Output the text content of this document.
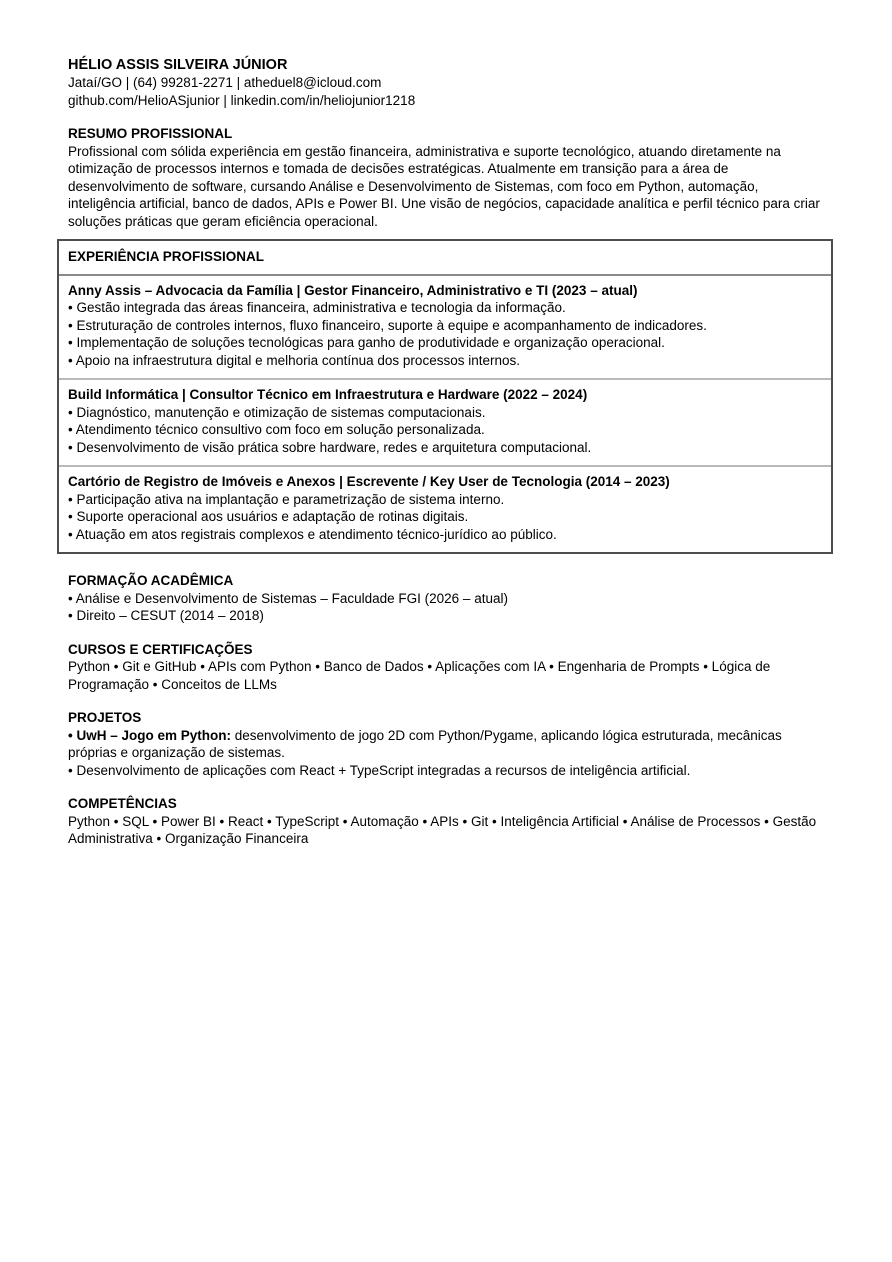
HÉLIO ASSIS SILVEIRA JÚNIOR
Jataí/GO | (64) 99281-2271 | atheduel8@icloud.com
github.com/HelioASjunior | linkedin.com/in/heliojunior1218
RESUMO PROFISSIONAL

Profissional com sólida experiência em gestão financeira, administrativa e suporte tecnológico, atuando diretamente na otimização de processos internos e tomada de decisões estratégicas. Atualmente em transição para a área de desenvolvimento de software, cursando Análise e Desenvolvimento de Sistemas, com foco em Python, automação, inteligência artificial, banco de dados, APIs e Power BI. Une visão de negócios, capacidade analítica e perfil técnico para criar soluções práticas que geram eficiência operacional.

EXPERIÊNCIA PROFISSIONAL
Anny Assis – Advocacia da Família | Gestor Financeiro, Administrativo e TI (2023 – atual)
• Gestão integrada das áreas financeira, administrativa e tecnologia da informação.
• Estruturação de controles internos, fluxo financeiro, suporte à equipe e acompanhamento de indicadores.
• Implementação de soluções tecnológicas para ganho de produtividade e organização operacional.
• Apoio na infraestrutura digital e melhoria contínua dos processos internos.
Build Informática | Consultor Técnico em Infraestrutura e Hardware (2022 – 2024)
• Diagnóstico, manutenção e otimização de sistemas computacionais.
• Atendimento técnico consultivo com foco em solução personalizada.
• Desenvolvimento de visão prática sobre hardware, redes e arquitetura computacional.
Cartório de Registro de Imóveis e Anexos | Escrevente / Key User de Tecnologia (2014 – 2023)
• Participação ativa na implantação e parametrização de sistema interno.
• Suporte operacional aos usuários e adaptação de rotinas digitais.
• Atuação em atos registrais complexos e atendimento técnico-jurídico ao público.
FORMAÇÃO ACADÊMICA
• Análise e Desenvolvimento de Sistemas – Faculdade FGI (2026 – atual)
• Direito – CESUT (2014 – 2018)
CURSOS E CERTIFICAÇÕES

Python • Git e GitHub • APIs com Python • Banco de Dados • Aplicações com IA • Engenharia de Prompts • Lógica de Programação • Conceitos de LLMs

PROJETOS

• UwH – Jogo em Python: desenvolvimento de jogo 2D com Python/Pygame, aplicando lógica estruturada, mecânicas próprias e organização de sistemas.

• Desenvolvimento de aplicações com React + TypeScript integradas a recursos de inteligência artificial.

COMPETÊNCIAS

Python • SQL • Power BI • React • TypeScript • Automação • APIs • Git • Inteligência Artificial • Análise de Processos • Gestão Administrativa • Organização Financeira
